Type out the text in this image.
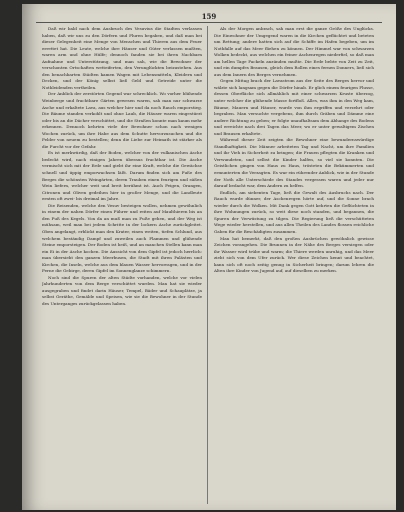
159

Daß wir bald nach dem Ausbruch des Vesuvius die Stadten verlassen haben, daß wir uns zu den Dörfern und Fluren begaben, und daß man bei dieser Gelegenheit eine Menge von Menschen und Thieren aus dem Feuer errettet hat. Die Leute, welche ihre Häuser und Güter verlassen mußten, waren arm und ohne Hülfe; dennoch fanden sie bei ihren Nachbarn Aufnahme und Unterstützung, und man sah, wie die Bewohner der verschonten Ortschaften wetteiferten, den Verunglückten beizustehen. Aus den benachbarten Städten kamen Wagen mit Lebensmitteln, Kleidern und Decken, und der König selbst ließ Geld und Getreide unter die Nothleidenden vertheilen.

Der Anblick der zerstörten Gegend war schrecklich. Wo vorher blühende Weinberge und fruchtbare Gärten gewesen waren, sah man nur schwarze Asche und erkaltete Lava, aus welcher hier und da noch Rauch emporstieg. Die Bäume standen verkohlt und ohne Laub, die Häuser waren eingestürzt oder bis an die Dächer verschüttet, und die Straßen konnte man kaum mehr erkennen. Dennoch kehrten viele der Bewohner schon nach wenigen Wochen zurück, um ihre Habe aus dem Schutte hervorzusuchen und die Felder von neuem zu bestellen; denn die Liebe zur Heimath ist stärker als die Furcht vor der Gefahr.

Es ist merkwürdig, daß der Boden, welcher von der vulkanischen Asche bedeckt wird, nach einigen Jahren überaus fruchtbar ist. Die Asche vermischt sich mit der Erde und giebt ihr eine Kraft, welche die Gewächse schnell und üppig emporwachsen läßt. Darum finden sich am Fuße des Berges die schönsten Weingärten, deren Trauben einen feurigen und süßen Wein liefern, welcher weit und breit berühmt ist. Auch Feigen, Orangen, Citronen und Oliven gedeihen hier in großer Menge, und die Landleute ernten oft zwei- bis dreimal im Jahre.

Die Reisenden, welche den Vesuv besteigen wollen, nehmen gewöhnlich in einem der nahen Dörfer einen Führer und reiten auf Maulthieren bis an den Fuß des Kegels. Von da an muß man zu Fuße gehen, und der Weg ist mühsam, weil man bei jedem Schritte in der lockern Asche zurückgleitet. Oben angelangt, erblickt man den Krater, einen weiten, tiefen Schlund, aus welchem beständig Dampf und zuweilen auch Flammen und glühende Steine emporsteigen. Der Boden ist heiß, und an manchen Stellen kann man ein Ei in der Asche kochen. Die Aussicht von dem Gipfel ist jedoch herrlich: man übersieht den ganzen Meerbusen, die Stadt mit ihren Palästen und Kirchen, die Inseln, welche aus dem blauen Wasser hervorragen, und in der Ferne die Gebirge, deren Gipfel im Sonnenglanze schimmern.

Noch sind die Spuren der alten Städte vorhanden, welche vor vielen Jahrhunderten von dem Berge verschüttet wurden. Man hat sie wieder ausgegraben und findet darin Häuser, Tempel, Bäder und Schauplätze, ja selbst Geräthe, Gemälde und Speisen, wie sie die Bewohner in der Stunde des Unterganges zurückgelassen haben.

Als der Morgen anbrach, sah man erst die ganze Größe des Unglücks. Die Einwohner der Umgegend waren in die Kirchen geflüchtet und beteten um Rettung; andere hatten sich auf die Schiffe im Hafen begeben, um im Nothfalle auf das Meer fliehen zu können. Der Himmel war von schwarzen Wolken bedeckt, aus welchen ein feiner Aschenregen niederfiel, so daß man am hellen Tage Fackeln anzünden mußte. Die Erde bebte von Zeit zu Zeit, und ein dumpfes Brausen, gleich dem Rollen eines fernen Donners, ließ sich aus dem Innern des Berges vernehmen.

Gegen Mittag brach der Lavastrom aus der Seite des Berges hervor und wälzte sich langsam gegen die Dörfer hinab. Er glich einem feurigen Flusse, dessen Oberfläche sich allmählich mit einer schwarzen Kruste überzog, unter welcher die glühende Masse fortfloß. Alles, was ihm in den Weg kam, Bäume, Mauern und Häuser, wurde von ihm ergriffen und verzehrt oder begraben. Man versuchte vergebens, ihm durch Gräben und Dämme eine andere Richtung zu geben; er folgte unaufhaltsam dem Abhange des Bodens und erreichte nach drei Tagen das Meer, wo er unter gewaltigem Zischen und Brausen erkaltete.

Während dieser Zeit zeigten die Bewohner eine bewundernswürdige Standhaftigkeit. Die Männer arbeiteten Tag und Nacht, um ihre Familien und ihr Vieh in Sicherheit zu bringen; die Frauen pflegten die Kranken und Verwundeten, und selbst die Kinder halfen, so viel sie konnten. Die Geistlichen gingen von Haus zu Haus, trösteten die Bekümmerten und ermunterten die Verzagten. Es war ein rührender Anblick, wie in der Stunde der Noth alle Unterschiede des Standes vergessen waren und jeder nur darauf bedacht war, dem Andern zu helfen.

Endlich, am siebenten Tage, ließ die Gewalt des Ausbruchs nach. Der Rauch wurde dünner, der Aschenregen hörte auf, und die Sonne brach wieder durch die Wolken. Mit Dank gegen Gott kehrten die Geflüchteten in ihre Wohnungen zurück, so weit diese noch standen, und begannen, die Spuren der Verwüstung zu tilgen. Die Regierung ließ die verschütteten Wege wieder herstellen, und aus allen Theilen des Landes flossen reichliche Gaben für die Beschädigten zusammen.

Man hat bemerkt, daß den großen Ausbrüchen gewöhnlich gewisse Zeichen vorangehen. Die Brunnen in der Nähe des Berges versiegen oder ihr Wasser wird trübe und warm; die Thiere werden unruhig, und das Meer zieht sich von dem Ufer zurück. Wer diese Zeichen kennt und beachtet, kann sich oft noch zeitig genug in Sicherheit bringen; darum lehren die Alten ihre Kinder von Jugend auf, auf dieselben zu merken.
